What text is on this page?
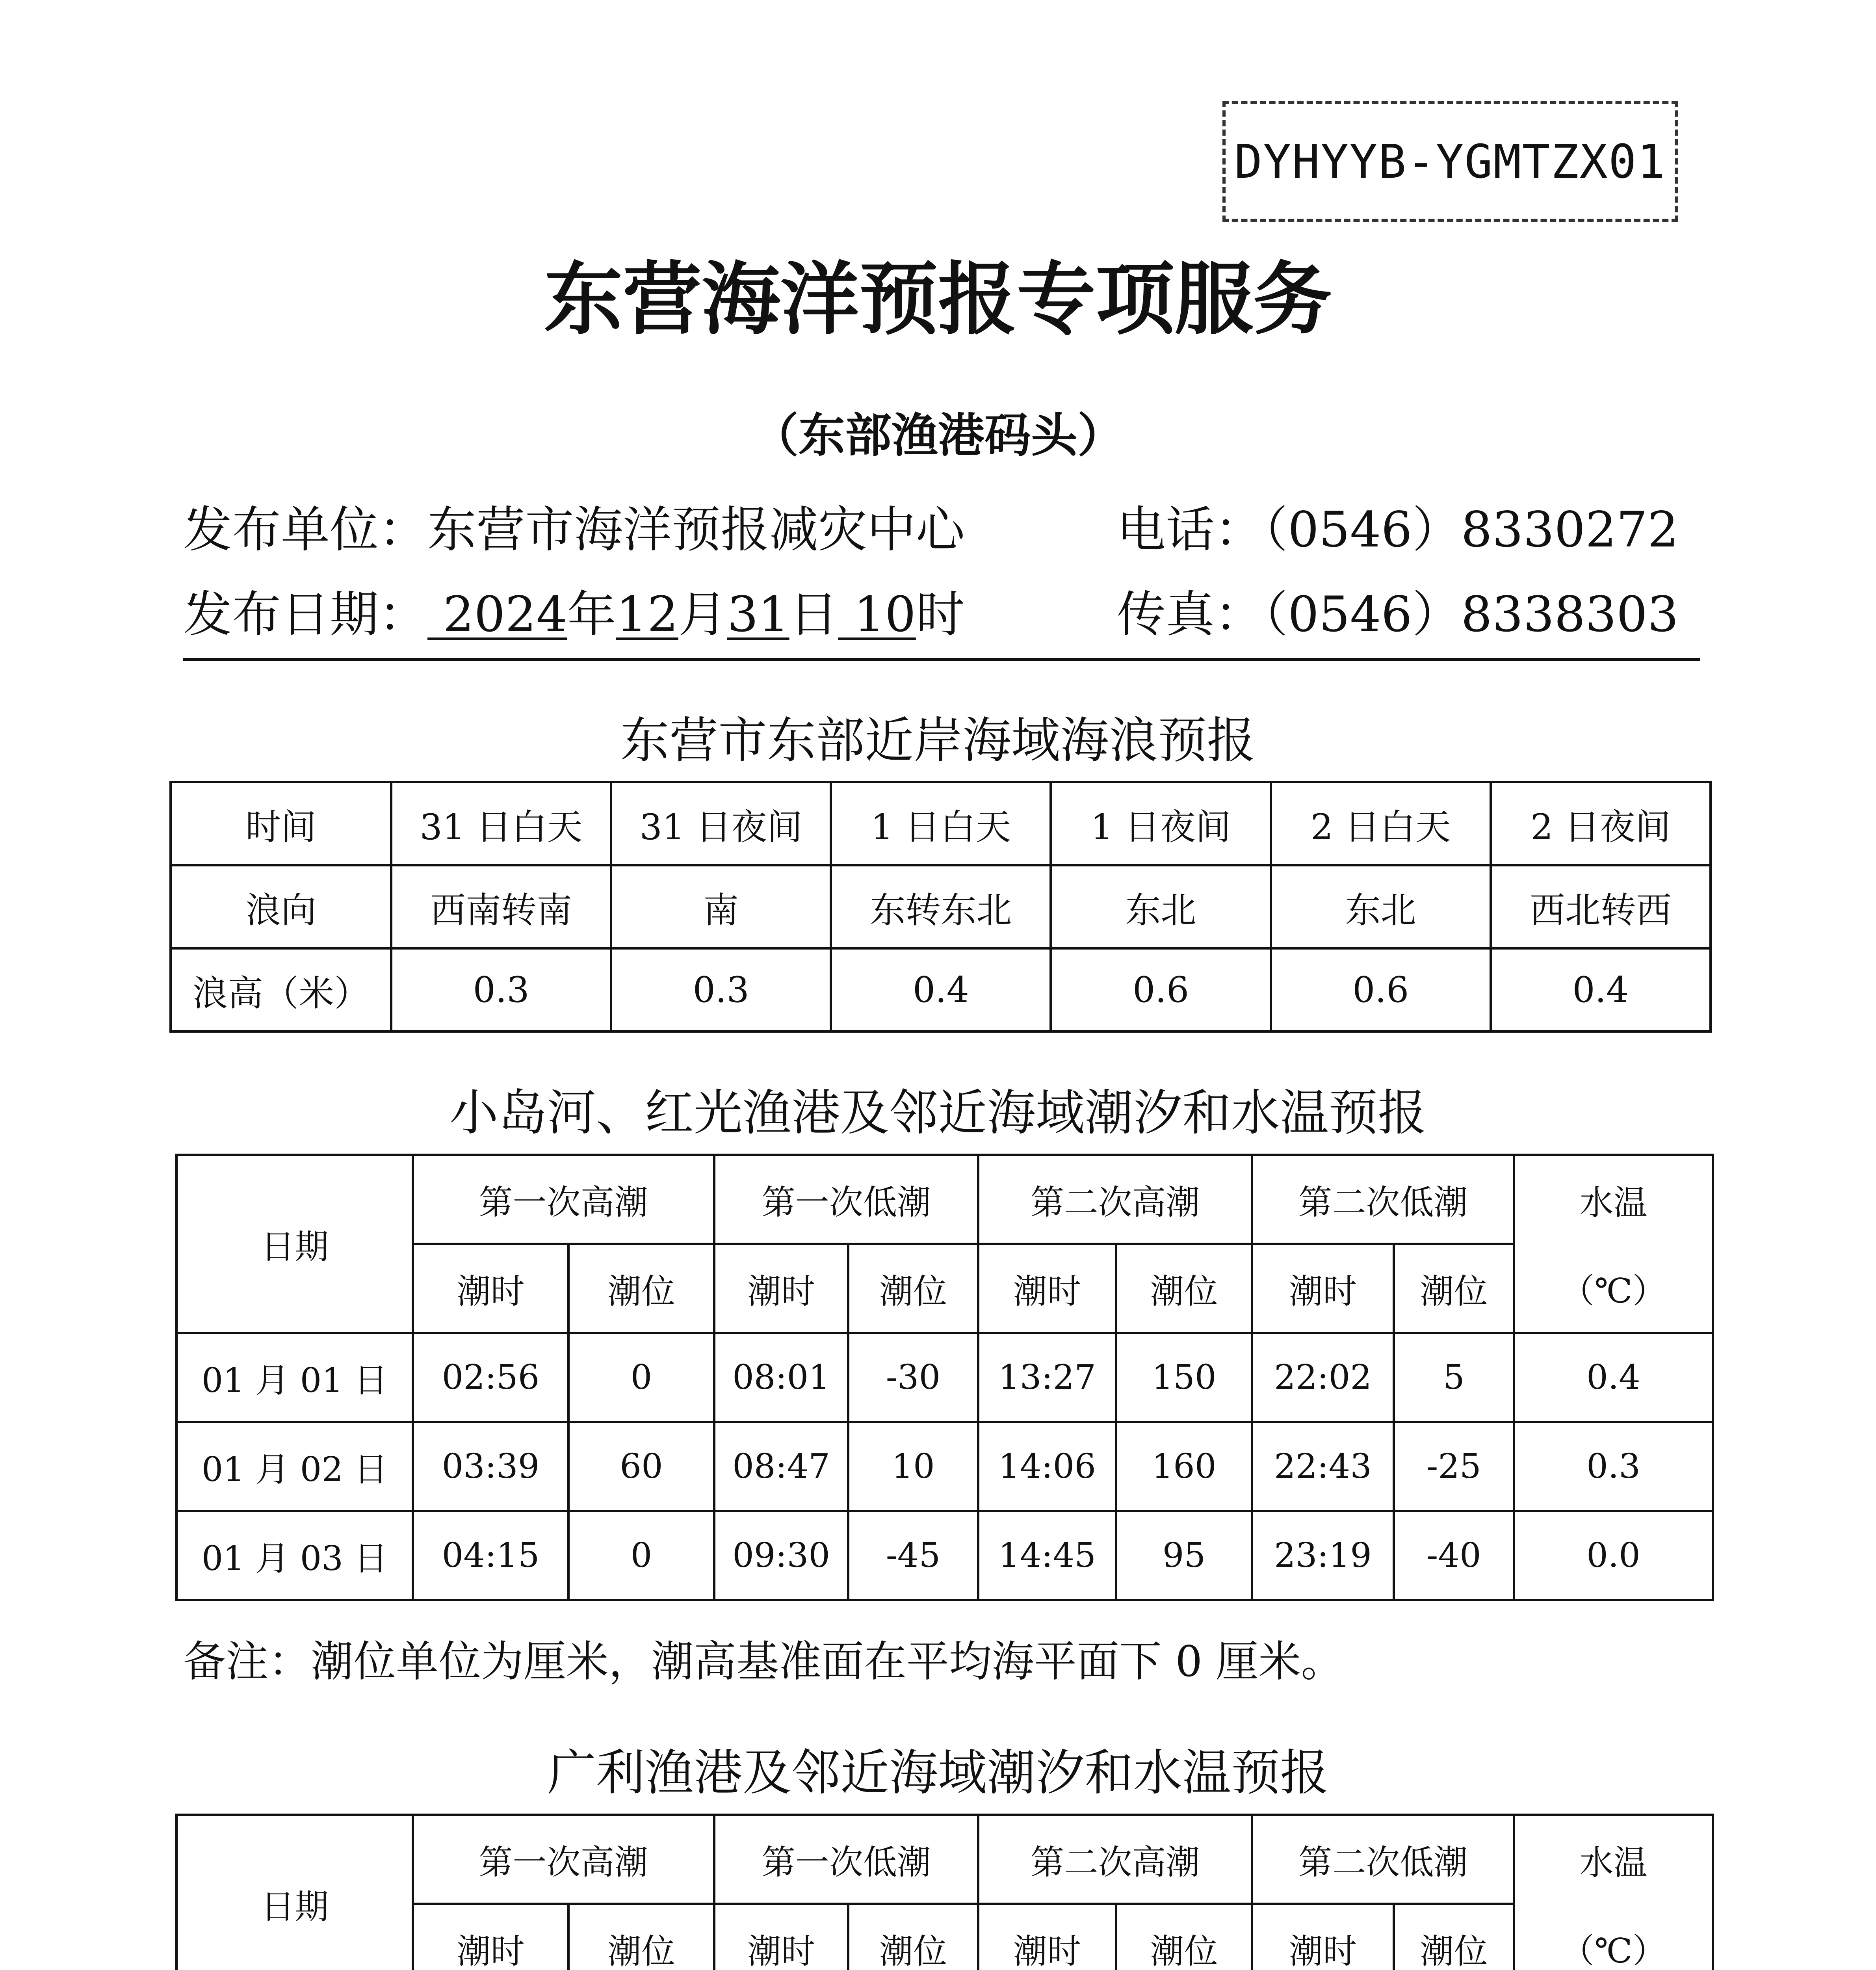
DYHYYB-YGMTZX01
东营海洋预报专项服务
（东部渔港码头）
发布单位：东营市海洋预报减灾中心	电话：（0546）8330272
发布日期： 2024年12月31日 10时	传真：（0546）8338303
东营市东部近岸海域海浪预报
时间	31 日白天	31 日夜间	1 日白天	1 日夜间	2 日白天	2 日夜间
浪向	西南转南	南	东转东北	东北	东北	西北转西
浪高（米）	0.3	0.3	0.4	0.6	0.6	0.4
小岛河、红光渔港及邻近海域潮汐和水温预报
日期	第一次高潮		第一次低潮		第二次高潮		第二次低潮		水温

（℃）
	潮时	潮位	潮时	潮位	潮时	潮位	潮时	潮位	
01 月 01 日	02:56	0	08:01	-30	13:27	150	22:02	5	0.4
01 月 02 日	03:39	60	08:47	10	14:06	160	22:43	-25	0.3
01 月 03 日	04:15	0	09:30	-45	14:45	95	23:19	-40	0.0
备注：潮位单位为厘米，潮高基准面在平均海平面下 0 厘米。
广利渔港及邻近海域潮汐和水温预报
日期	第一次高潮		第一次低潮		第二次高潮		第二次低潮		水温

（℃）
	潮时	潮位	潮时	潮位	潮时	潮位	潮时	潮位	
